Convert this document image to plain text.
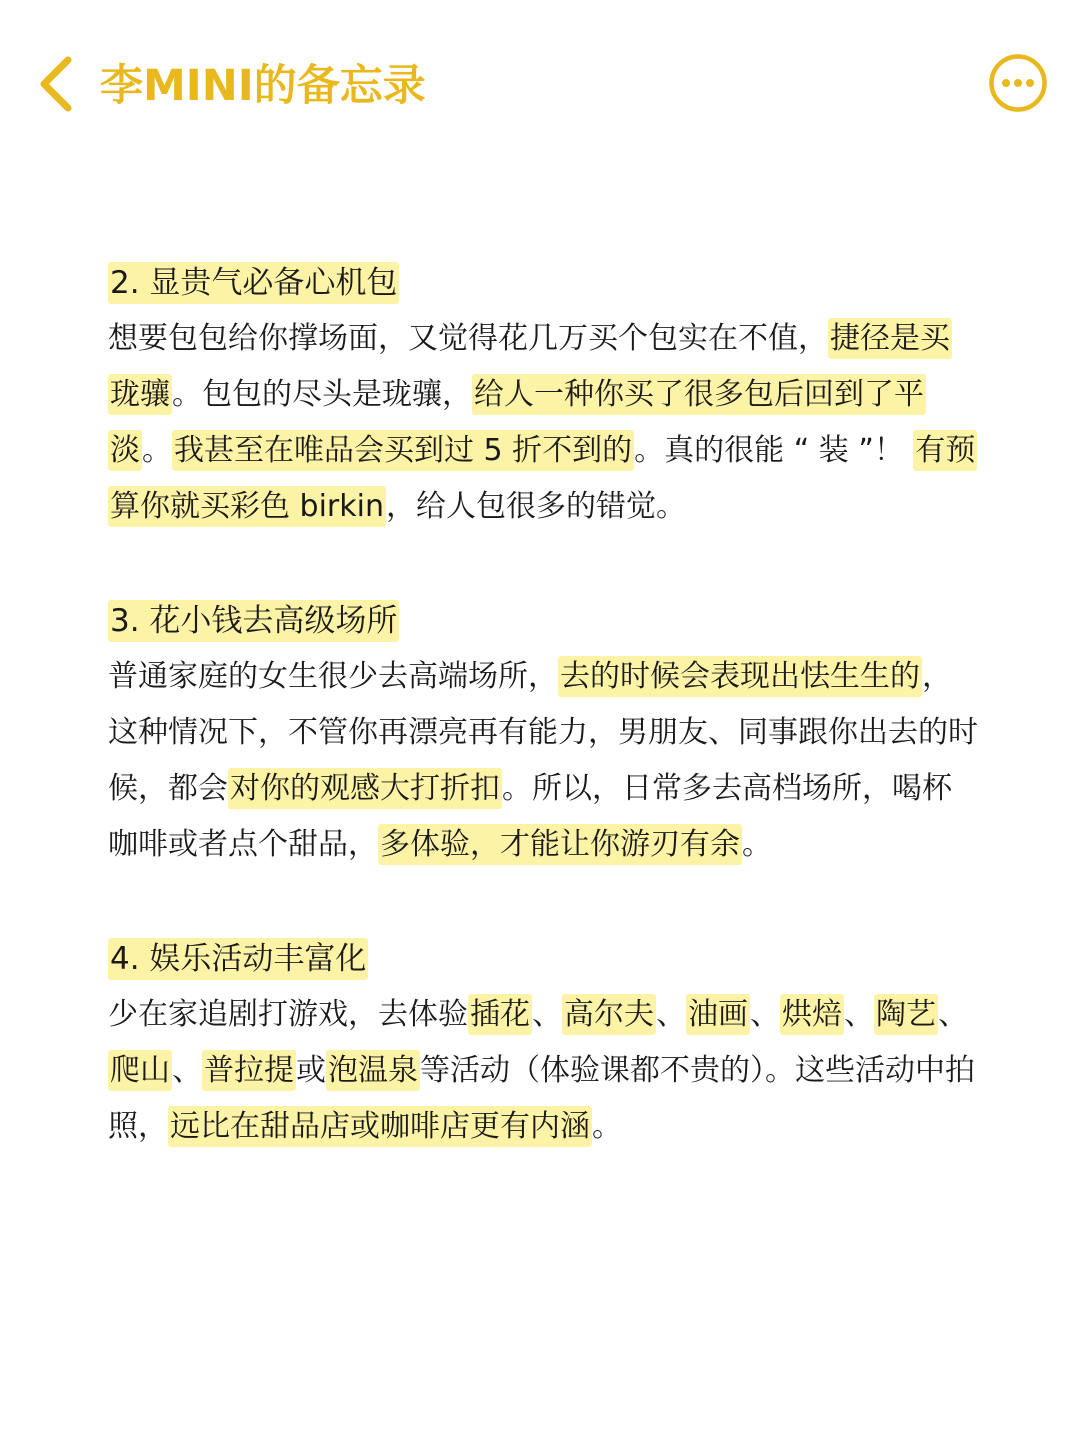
李MINI的备忘录
2. 显贵气必备心机包

想要包包给你撑场面，又觉得花几万买个包实在不值，捷径是买珑骧。包包的尽头是珑骧，给人一种你买了很多包后回到了平淡。我甚至在唯品会买到过 5 折不到的。真的很能 “ 装 ”！ 有预算你就买彩色 birkin，给人包很多的错觉。

3. 花小钱去高级场所

普通家庭的女生很少去高端场所，去的时候会表现出怯生生的，这种情况下，不管你再漂亮再有能力，男朋友、同事跟你出去的时候，都会对你的观感大打折扣。所以，日常多去高档场所，喝杯咖啡或者点个甜品，多体验，才能让你游刃有余。

4. 娱乐活动丰富化

少在家追剧打游戏，去体验插花、高尔夫、油画、烘焙、陶艺、爬山、普拉提或泡温泉等活动（体验课都不贵的）。这些活动中拍照，远比在甜品店或咖啡店更有内涵。
